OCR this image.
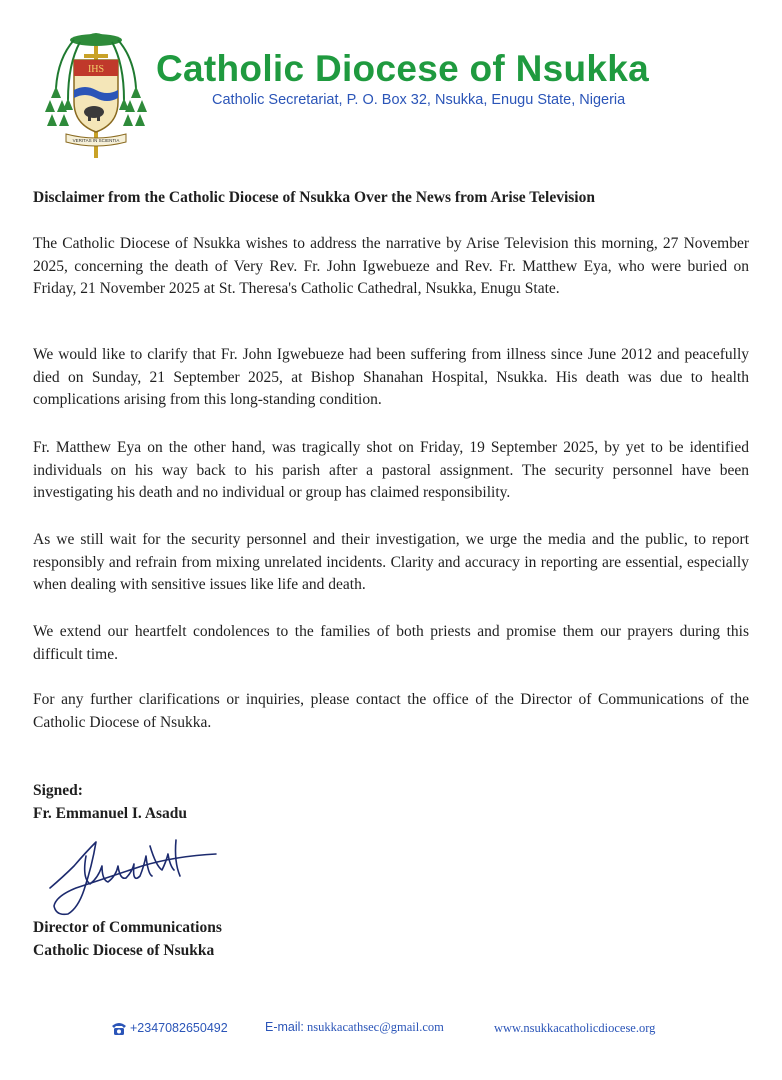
IHS
VERITAS IN SCIENTIA
Catholic Diocese of Nsukka
Catholic Secretariat, P. O. Box 32, Nsukka, Enugu State, Nigeria
Disclaimer from the Catholic Diocese of Nsukka Over the News from Arise Television

The Catholic Diocese of Nsukka wishes to address the narrative by Arise Television this morning, 27 November 2025, concerning the death of Very Rev. Fr. John Igwebueze and Rev. Fr. Matthew Eya, who were buried on Friday, 21 November 2025 at St. Theresa's Catholic Cathedral, Nsukka, Enugu State.

We would like to clarify that Fr. John Igwebueze had been suffering from illness since June 2012 and peacefully died on Sunday, 21 September 2025, at Bishop Shanahan Hospital, Nsukka. His death was due to health complications arising from this long-standing condition.

Fr. Matthew Eya on the other hand, was tragically shot on Friday, 19 September 2025, by yet to be identified individuals on his way back to his parish after a pastoral assignment. The security personnel have been investigating his death and no individual or group has claimed responsibility.

As we still wait for the security personnel and their investigation, we urge the media and the public, to report responsibly and refrain from mixing unrelated incidents. Clarity and accuracy in reporting are essential, especially when dealing with sensitive issues like life and death.

We extend our heartfelt condolences to the families of both priests and promise them our prayers during this difficult time.

For any further clarifications or inquiries, please contact the office of the Director of Communications of the Catholic Diocese of Nsukka.

Signed:
Fr. Emmanuel I. Asadu
Director of Communications
Catholic Diocese of Nsukka
+2347082650492	E-mail: nsukkacathsec@gmail.com	www.nsukkacatholicdiocese.org
